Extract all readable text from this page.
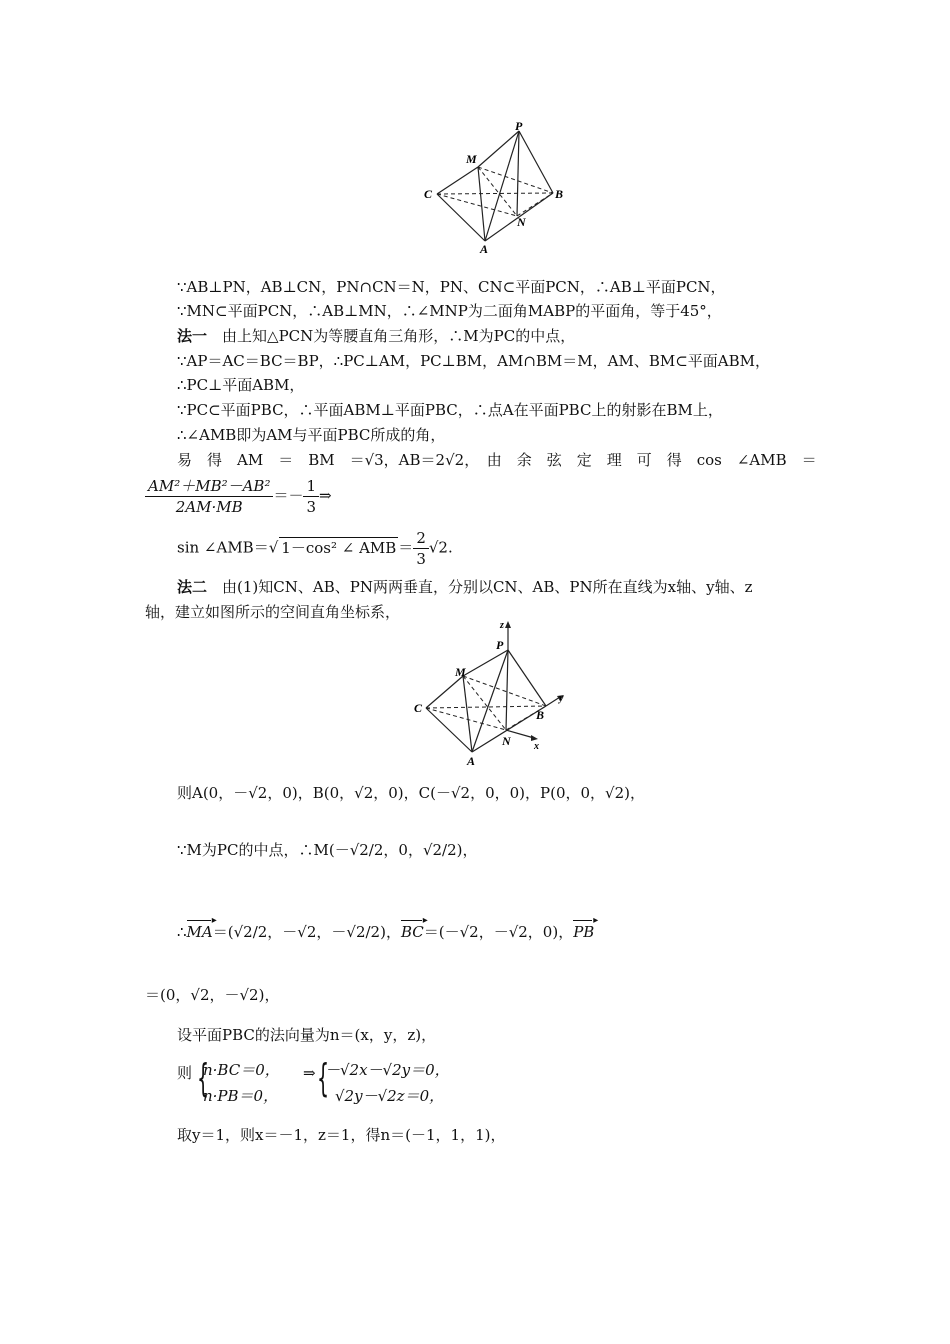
P
M
C	B
N
A
∵AB⊥PN，AB⊥CN，PN∩CN＝N，PN、CN⊂平面PCN，∴AB⊥平面PCN，
∵MN⊂平面PCN，∴AB⊥MN，∴∠MNP为二面角MABP的平面角，等于45°，
法一　 由上知△PCN为等腰直角三角形，∴M为PC的中点，
∵AP＝AC＝BC＝BP，∴PC⊥AM，PC⊥BM，AM∩BM＝M，AM、BM⊂平面ABM，
∴PC⊥平面ABM，
∵PC⊂平面PBC，∴平面ABM⊥平面PBC，∴点A在平面PBC上的射影在BM上，
∴∠AMB即为AM与平面PBC所成的角，
易　得　AM　＝　BM　＝√3，AB＝2√2，　由　余　弦　定　理　可　得　cos　∠AMB　＝
$\frac{\text{AM²＋MB²－AB²}}{2AM\cdot MB} =- \frac{1}{3}$ ⇒
sin ∠AMB＝√ 1－cos² ∠ AMB ＝ $\frac{2}{3} √2$.
法二　 由(1)知CN、AB、PN两两垂直，分别以CN、AB、PN所在直线为x轴、y轴、z
轴，建立如图所示的空间直角坐标系，
z
P
M
y
C	B
N x
A
则A(0，－√2，0)，B(0，√2，0)，C(－√2，0，0)，P(0，0，√2)，
∵M为PC的中点，∴M(－√2/2，0，√2/2)，
∴MA ▸＝(√2/2，－√2，－√2/2)，BC ▸＝(－√2，－√2，0)，PB ▸
＝(0，√2，－√2)，
设平面PBC的法向量为n＝(x，y，z)，
则 {
n·BC＝0，
n·PB＝0，
⇒ {
－√2x－√2y＝0，
√2y－√2z＝0，
取y＝1，则x＝－1，z＝1，得n＝(－1，1，1)，
